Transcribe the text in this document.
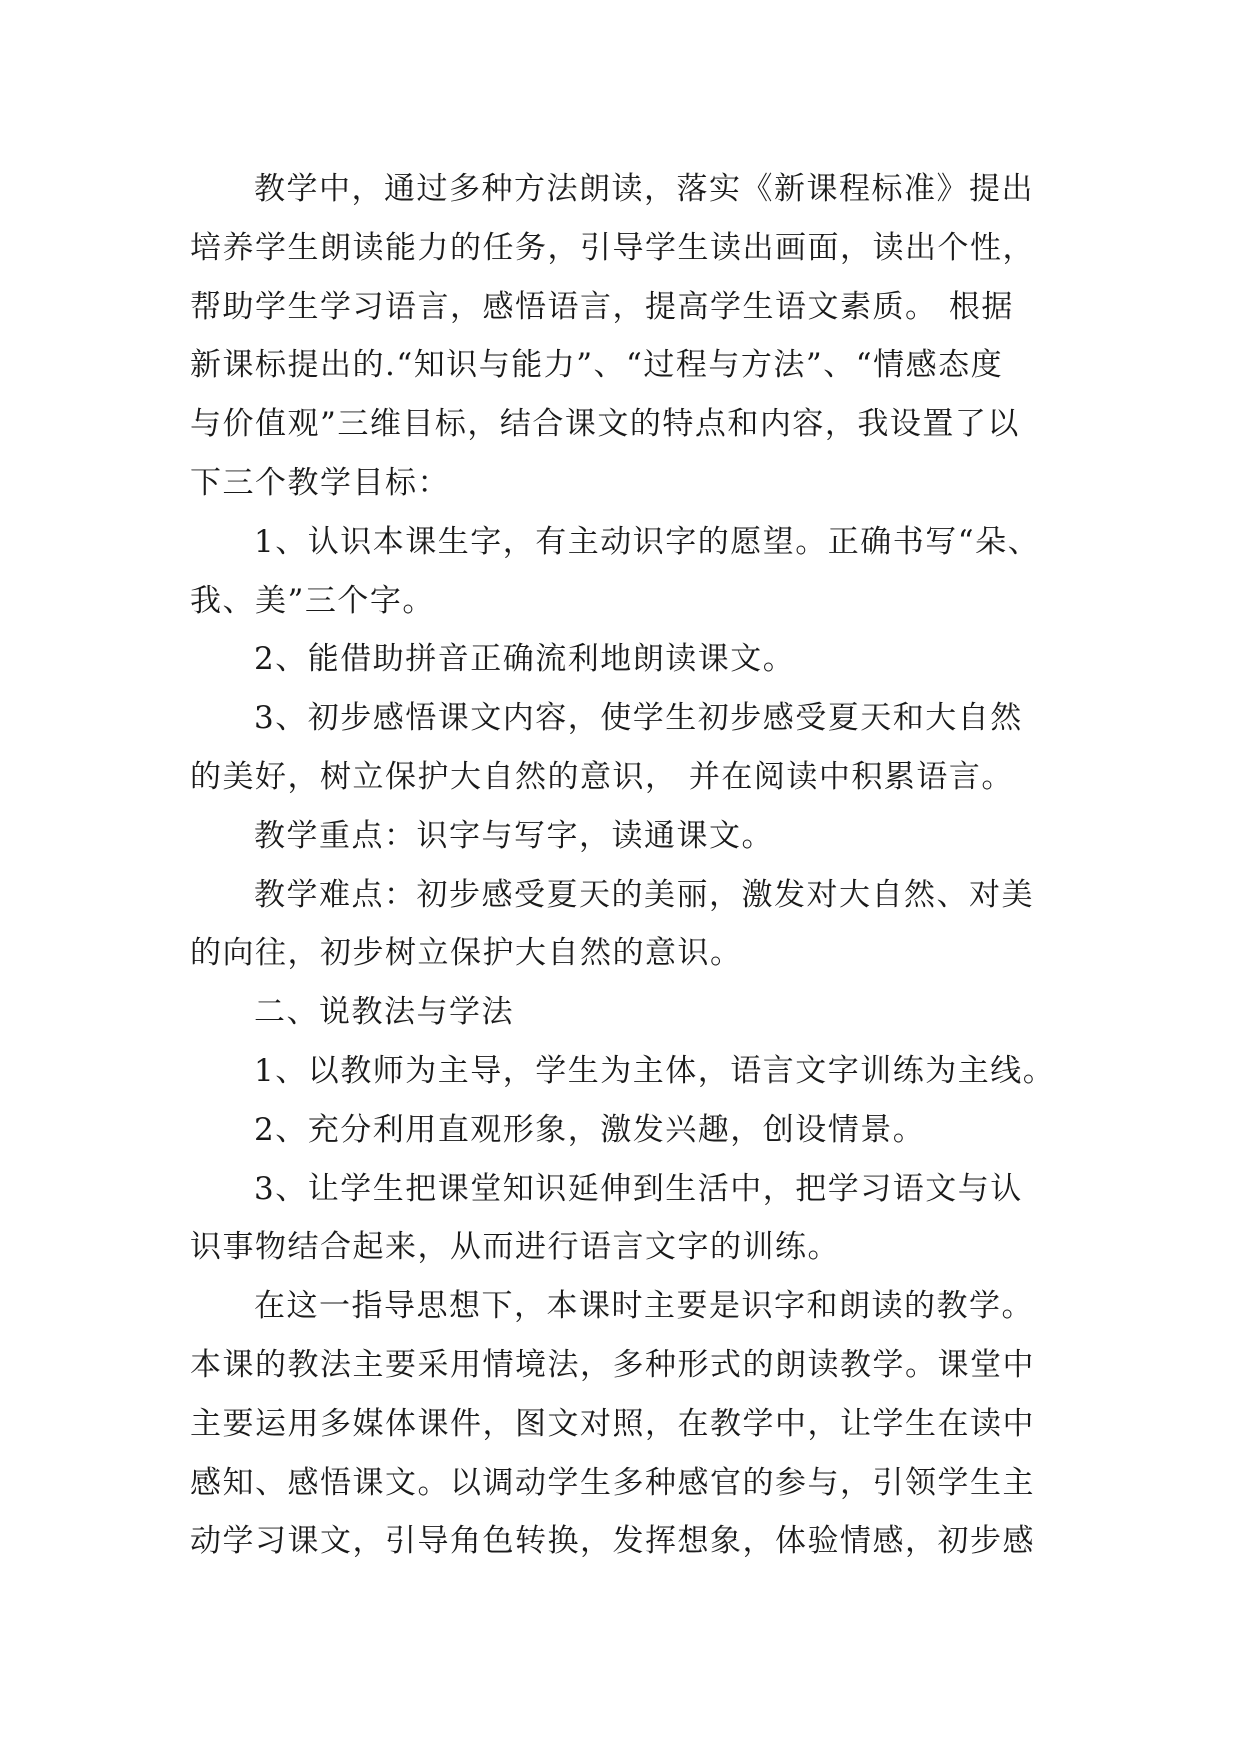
教学中，通过多种方法朗读，落实《新课程标准》提出
培养学生朗读能力的任务，引导学生读出画面，读出个性，
帮助学生学习语言，感悟语言，提高学生语文素质。 根据
新课标提出的.“知识与能力”、“过程与方法”、“情感态度
与价值观”三维目标，结合课文的特点和内容，我设置了以
下三个教学目标：
1、认识本课生字，有主动识字的愿望。正确书写“朵、
我、美”三个字。
2、能借助拼音正确流利地朗读课文。
3、初步感悟课文内容，使学生初步感受夏天和大自然
的美好，树立保护大自然的意识， 并在阅读中积累语言。
教学重点：识字与写字，读通课文。
教学难点：初步感受夏天的美丽，激发对大自然、对美
的向往，初步树立保护大自然的意识。
二、说教法与学法
1、以教师为主导，学生为主体，语言文字训练为主线。
2、充分利用直观形象，激发兴趣，创设情景。
3、让学生把课堂知识延伸到生活中，把学习语文与认
识事物结合起来，从而进行语言文字的训练。
在这一指导思想下，本课时主要是识字和朗读的教学。
本课的教法主要采用情境法，多种形式的朗读教学。课堂中
主要运用多媒体课件，图文对照，在教学中，让学生在读中
感知、感悟课文。以调动学生多种感官的参与，引领学生主
动学习课文，引导角色转换，发挥想象，体验情感，初步感
